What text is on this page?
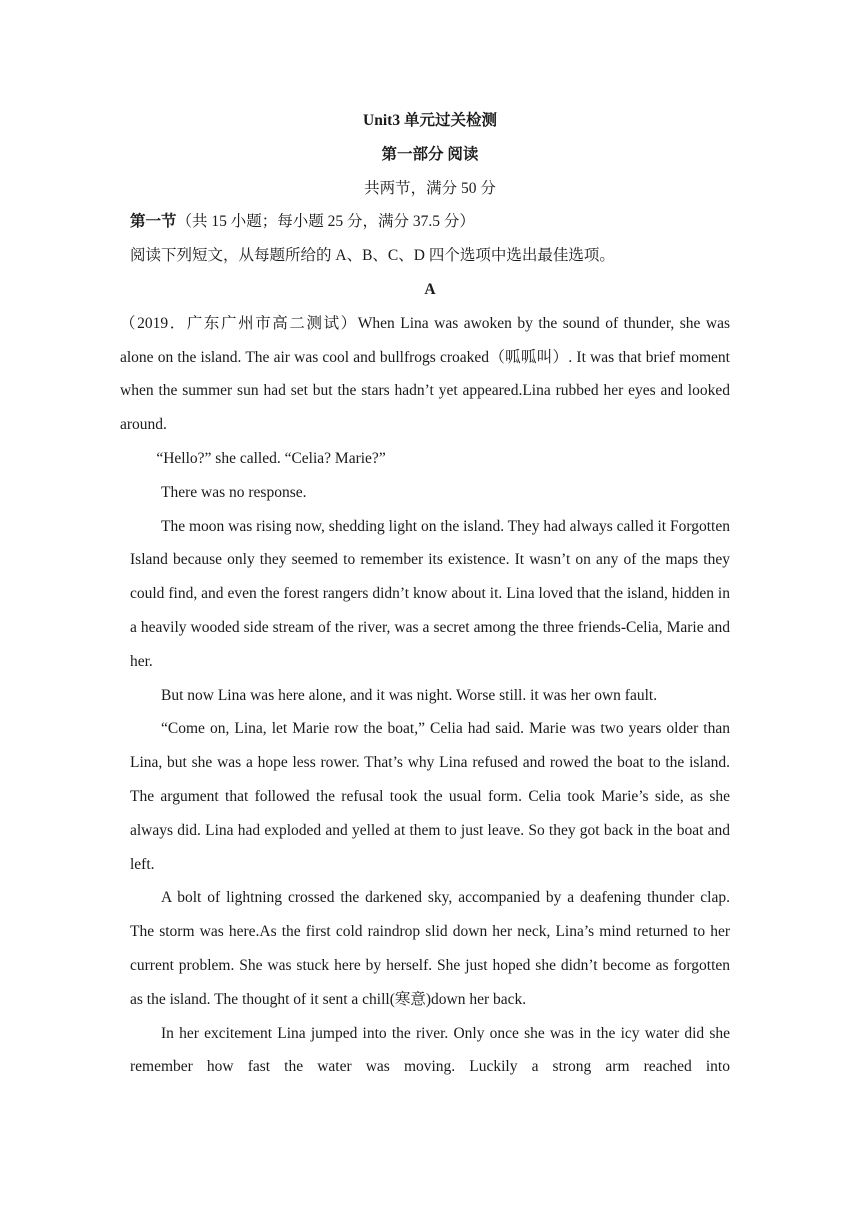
Unit3 单元过关检测

第一部分 阅读

共两节，满分 50 分

第一节（共 15 小题；每小题 25 分，满分 37.5 分）

阅读下列短文，从每题所给的 A、B、C、D 四个选项中选出最佳选项。

A

（2019．广东广州市高二测试）When Lina was awoken by the sound of thunder, she was alone on the island. The air was cool and bullfrogs croaked（呱呱叫）. It was that brief moment when the summer sun had set but the stars hadn’t yet appeared.Lina rubbed her eyes and looked around.

“Hello?” she called. “Celia? Marie?”

There was no response.

The moon was rising now, shedding light on the island. They had always called it Forgotten Island because only they seemed to remember its existence. It wasn’t on any of the maps they could find, and even the forest rangers didn’t know about it. Lina loved that the island, hidden in a heavily wooded side stream of the river, was a secret among the three friends-Celia, Marie and her.

But now Lina was here alone, and it was night. Worse still. it was her own fault.

“Come on, Lina, let Marie row the boat,” Celia had said. Marie was two years older than Lina, but she was a hope less rower. That’s why Lina refused and rowed the boat to the island. The argument that followed the refusal took the usual form. Celia took Marie’s side, as she always did. Lina had exploded and yelled at them to just leave. So they got back in the boat and left.

A bolt of lightning crossed the darkened sky, accompanied by a deafening thunder clap. The storm was here.As the first cold raindrop slid down her neck, Lina’s mind returned to her current problem. She was stuck here by herself. She just hoped she didn’t become as forgotten as the island. The thought of it sent a chill(寒意)down her back.

In her excitement Lina jumped into the river. Only once she was in the icy water did she remember how fast the water was moving. Luckily a strong arm reached into
